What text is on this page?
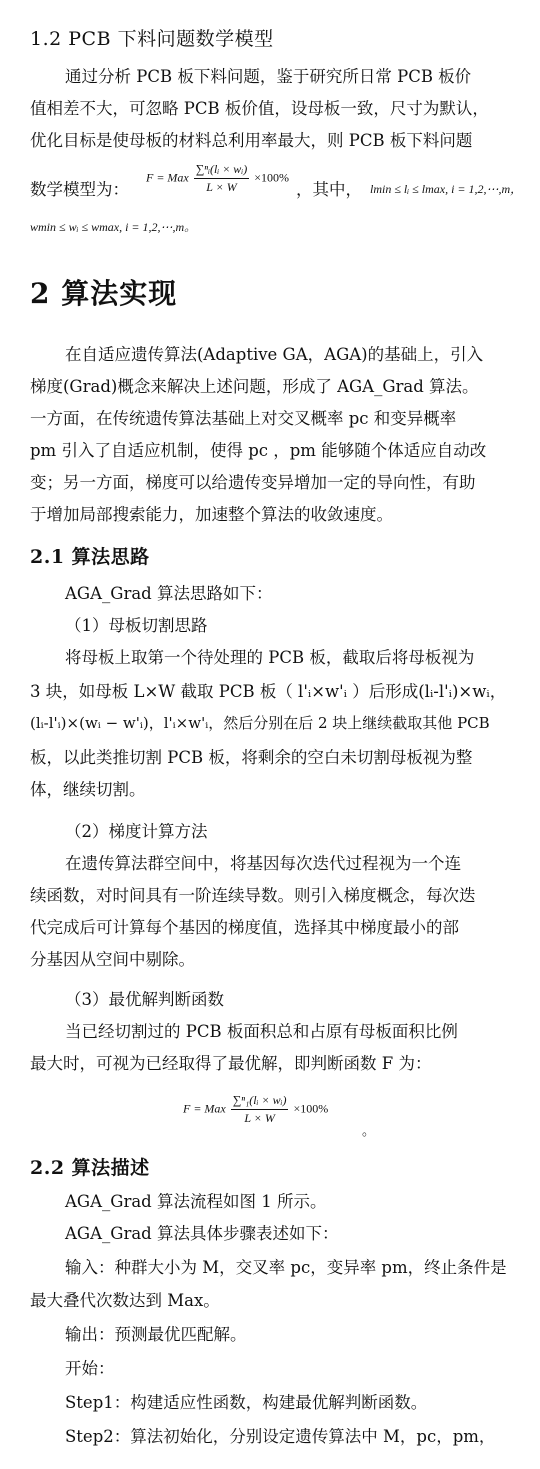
1.2 PCB 下料问题数学模型
通过分析 PCB 板下料问题，鉴于研究所日常 PCB 板价
值相差不大，可忽略 PCB 板价值，设母板一致，尺寸为默认，
优化目标是使母板的材料总利用率最大，则 PCB 板下料问题
数学模型为：
F = Max $\frac{\text{∑ⁿᵢ(lᵢ × wᵢ)}}{L \times W} \times 100\%$
，其中， lmin ≤ lᵢ ≤ lmax, i = 1,2,⋯,m，
wmin ≤ wᵢ ≤ wmax, i = 1,2,⋯,m。
2 算法实现
在自适应遗传算法(Adaptive GA，AGA)的基础上，引入
梯度(Grad)概念来解决上述问题，形成了 AGA_Grad 算法。
一方面，在传统遗传算法基础上对交叉概率 pc 和变异概率
pm 引入了自适应机制，使得 pc ，pm 能够随个体适应自动改
变；另一方面，梯度可以给遗传变异增加一定的导向性，有助
于增加局部搜索能力，加速整个算法的收敛速度。
2.1 算法思路
AGA_Grad 算法思路如下：
（1）母板切割思路
将母板上取第一个待处理的 PCB 板，截取后将母板视为
3 块，如母板 L×W 截取 PCB 板（ l'ᵢ×w'ᵢ ）后形成(lᵢ-l'ᵢ)×wᵢ，
(lᵢ-l'ᵢ)×(wᵢ − w'ᵢ)，l'ᵢ×w'ᵢ，然后分别在后 2 块上继续截取其他 PCB
板，以此类推切割 PCB 板，将剩余的空白未切割母板视为整
体，继续切割。
（2）梯度计算方法
在遗传算法群空间中，将基因每次迭代过程视为一个连
续函数，对时间具有一阶连续导数。则引入梯度概念，每次迭
代完成后可计算每个基因的梯度值，选择其中梯度最小的部
分基因从空间中剔除。
（3）最优解判断函数
当已经切割过的 PCB 板面积总和占原有母板面积比例
最大时，可视为已经取得了最优解，即判断函数 F 为：
F = Max $\frac{\text{∑ⁿ₁(lᵢ × wᵢ)}}{L \times W} \times 100\%$
。
2.2 算法描述
AGA_Grad 算法流程如图 1 所示。
AGA_Grad 算法具体步骤表述如下：
输入：种群大小为 M，交叉率 pc，变异率 pm，终止条件是
最大叠代次数达到 Max。
输出：预测最优匹配解。
开始：
Step1：构建适应性函数，构建最优解判断函数。
Step2：算法初始化，分别设定遗传算法中 M，pc，pm，
